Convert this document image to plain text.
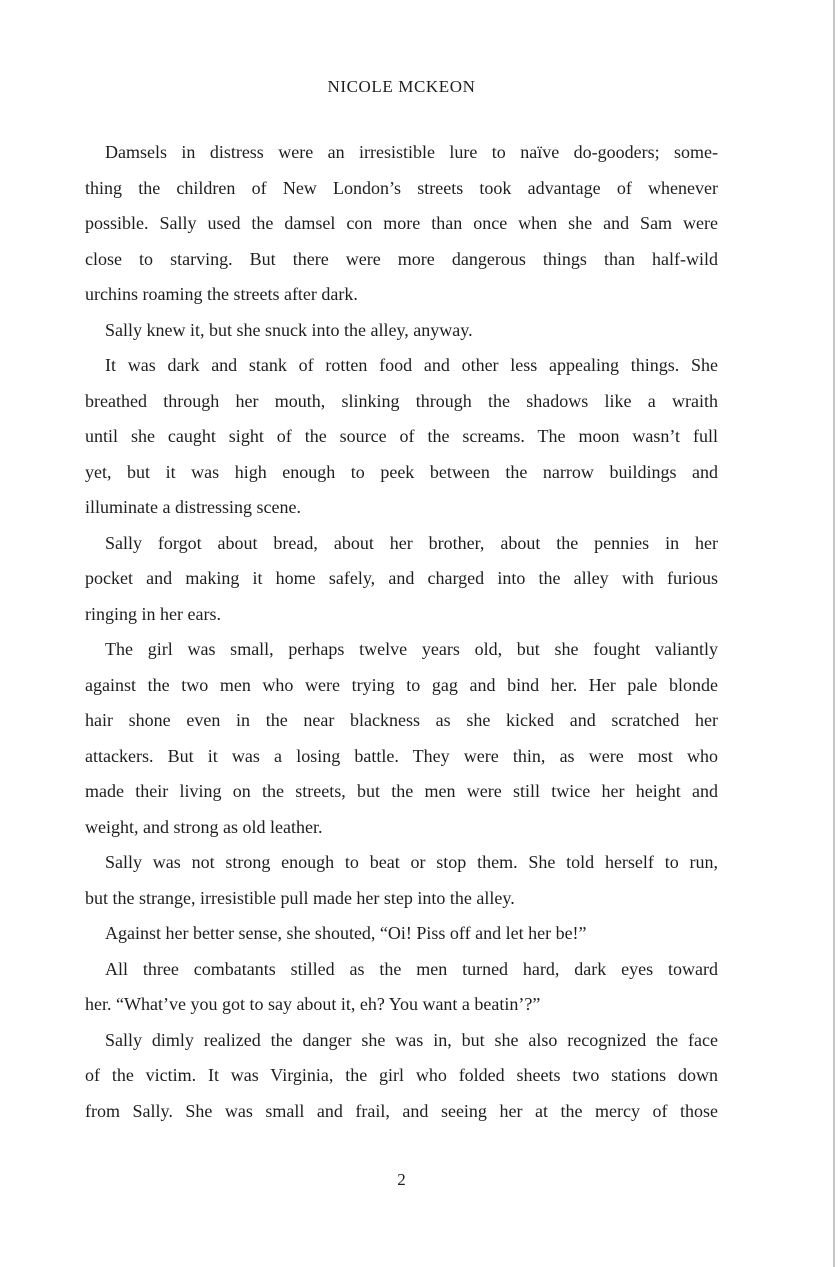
NICOLE MCKEON
Damsels in distress were an irresistible lure to naïve do-gooders; some-
thing the children of New London’s streets took advantage of whenever
possible. Sally used the damsel con more than once when she and Sam were
close to starving. But there were more dangerous things than half-wild
urchins roaming the streets after dark.
Sally knew it, but she snuck into the alley, anyway.
It was dark and stank of rotten food and other less appealing things. She
breathed through her mouth, slinking through the shadows like a wraith
until she caught sight of the source of the screams. The moon wasn’t full
yet, but it was high enough to peek between the narrow buildings and
illuminate a distressing scene.
Sally forgot about bread, about her brother, about the pennies in her
pocket and making it home safely, and charged into the alley with furious
ringing in her ears.
The girl was small, perhaps twelve years old, but she fought valiantly
against the two men who were trying to gag and bind her. Her pale blonde
hair shone even in the near blackness as she kicked and scratched her
attackers. But it was a losing battle. They were thin, as were most who
made their living on the streets, but the men were still twice her height and
weight, and strong as old leather.
Sally was not strong enough to beat or stop them. She told herself to run,
but the strange, irresistible pull made her step into the alley.
Against her better sense, she shouted, “Oi! Piss off and let her be!”
All three combatants stilled as the men turned hard, dark eyes toward
her. “What’ve you got to say about it, eh? You want a beatin’?”
Sally dimly realized the danger she was in, but she also recognized the face
of the victim. It was Virginia, the girl who folded sheets two stations down
from Sally. She was small and frail, and seeing her at the mercy of those
2
